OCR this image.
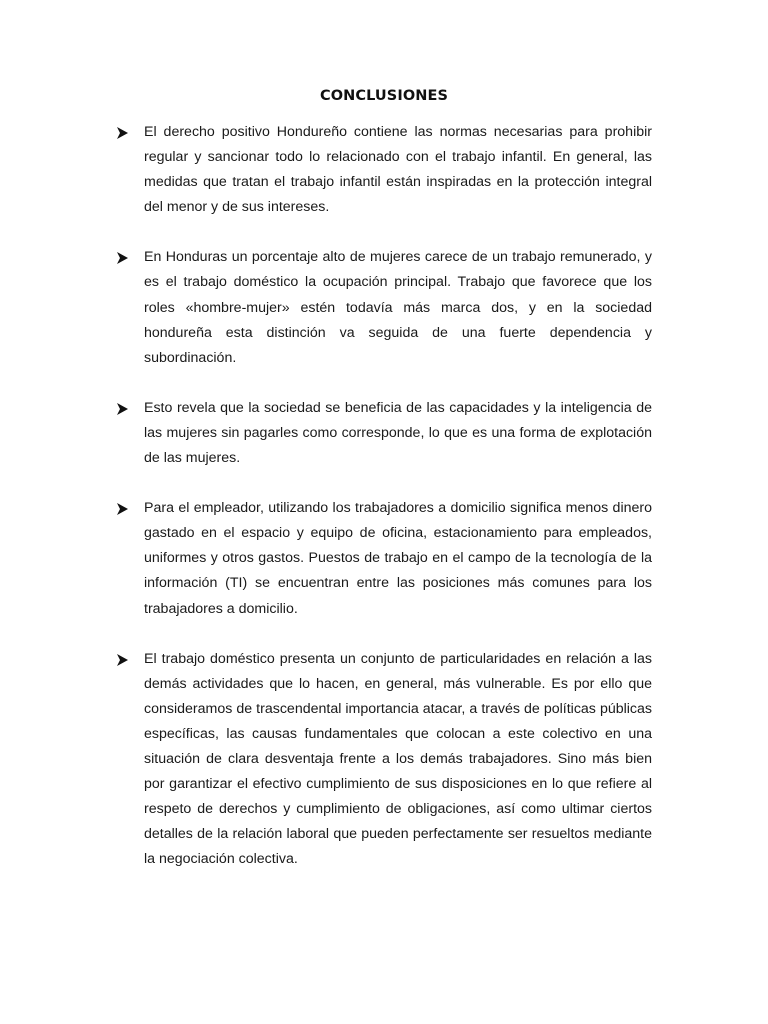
CONCLUSIONES

El derecho positivo Hondureño contiene las normas necesarias para prohibir regular y sancionar todo lo relacionado con el trabajo infantil. En general, las medidas que tratan el trabajo infantil están inspiradas en la protección integral del menor y de sus intereses.

En Honduras un porcentaje alto de mujeres carece de un trabajo remunerado, y es el trabajo doméstico la ocupación principal. Trabajo que favorece que los roles «hombre-mujer» estén todavía más marca dos, y en la sociedad hondureña esta distinción va seguida de una fuerte dependencia y subordinación.

Esto revela que la sociedad se beneficia de las capacidades y la inteligencia de las mujeres sin pagarles como corresponde, lo que es una forma de explotación de las mujeres.

Para el empleador, utilizando los trabajadores a domicilio significa menos dinero gastado en el espacio y equipo de oficina, estacionamiento para empleados, uniformes y otros gastos. Puestos de trabajo en el campo de la tecnología de la información (TI) se encuentran entre las posiciones más comunes para los trabajadores a domicilio.

El trabajo doméstico presenta un conjunto de particularidades en relación a las demás actividades que lo hacen, en general, más vulnerable. Es por ello que consideramos de trascendental importancia atacar, a través de políticas públicas específicas, las causas fundamentales que colocan a este colectivo en una situación de clara desventaja frente a los demás trabajadores. Sino más bien por garantizar el efectivo cumplimiento de sus disposiciones en lo que refiere al respeto de derechos y cumplimiento de obligaciones, así como ultimar ciertos detalles de la relación laboral que pueden perfectamente ser resueltos mediante la negociación colectiva.
